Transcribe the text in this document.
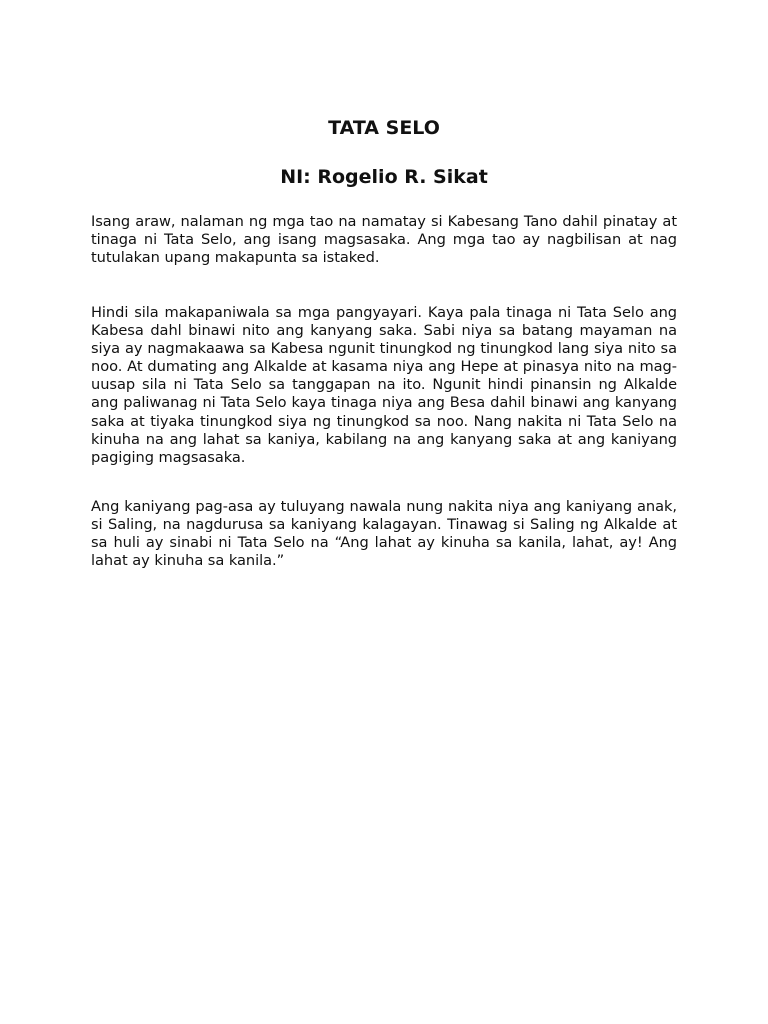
TATA SELO
NI: Rogelio R. Sikat

Isang araw, nalaman ng mga tao na namatay si Kabesang Tano dahil pinatay at tinaga ni Tata Selo, ang isang magsasaka. Ang mga tao ay nagbilisan at nag tutulakan upang makapunta sa istaked.

Hindi sila makapaniwala sa mga pangyayari. Kaya pala tinaga ni Tata Selo ang Kabesa dahl binawi nito ang kanyang saka. Sabi niya sa batang mayaman na siya ay nagmakaawa sa Kabesa ngunit tinungkod ng tinungkod lang siya nito sa noo. At dumating ang Alkalde at kasama niya ang Hepe at pinasya nito na mag-uusap sila ni Tata Selo sa tanggapan na ito. Ngunit hindi pinansin ng Alkalde ang paliwanag ni Tata Selo kaya tinaga niya ang Besa dahil binawi ang kanyang saka at tiyaka tinungkod siya ng tinungkod sa noo. Nang nakita ni Tata Selo na kinuha na ang lahat sa kaniya, kabilang na ang kanyang saka at ang kaniyang pagiging magsasaka.

Ang kaniyang pag-asa ay tuluyang nawala nung nakita niya ang kaniyang anak, si Saling, na nagdurusa sa kaniyang kalagayan. Tinawag si Saling ng Alkalde at sa huli ay sinabi ni Tata Selo na “Ang lahat ay kinuha sa kanila, lahat, ay! Ang lahat ay kinuha sa kanila.”
